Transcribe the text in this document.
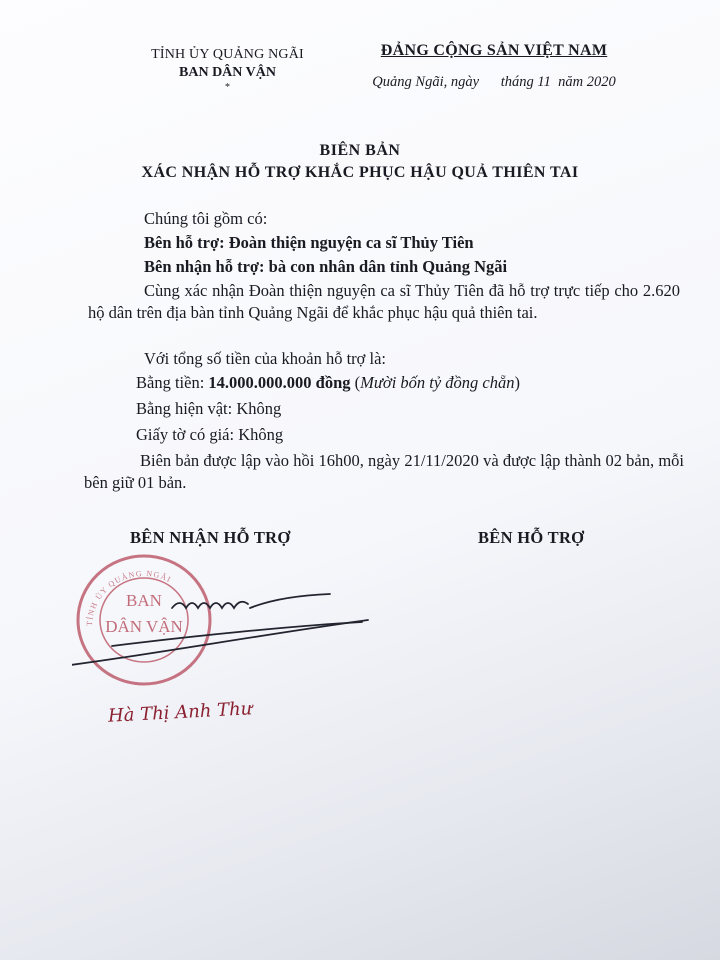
TỈNH ỦY QUẢNG NGÃI
BAN DÂN VẬN
*
ĐẢNG CỘNG SẢN VIỆT NAM
Quảng Ngãi, ngày      tháng 11  năm 2020
BIÊN BẢN
XÁC NHẬN HỖ TRỢ KHẮC PHỤC HẬU QUẢ THIÊN TAI
Chúng tôi gồm có:
Bên hỗ trợ: Đoàn thiện nguyện ca sĩ Thủy Tiên
Bên nhận hỗ trợ: bà con nhân dân tỉnh Quảng Ngãi

Cùng xác nhận Đoàn thiện nguyện ca sĩ Thủy Tiên đã hỗ trợ trực tiếp cho 2.620 hộ dân trên địa bàn tỉnh Quảng Ngãi để khắc phục hậu quả thiên tai.

Với tổng số tiền của khoản hỗ trợ là:
Bằng tiền: 14.000.000.000 đồng (Mười bốn tỷ đồng chẵn)
Bằng hiện vật: Không
Giấy tờ có giá: Không

Biên bản được lập vào hồi 16h00, ngày 21/11/2020 và được lập thành 02 bản, mỗi bên giữ 01 bản.

BÊN NHẬN HỖ TRỢ	BÊN HỖ TRỢ
TỈNH ỦY QUẢNG NGÃI
BAN
DÂN VẬN
Hà Thị Anh Thư
